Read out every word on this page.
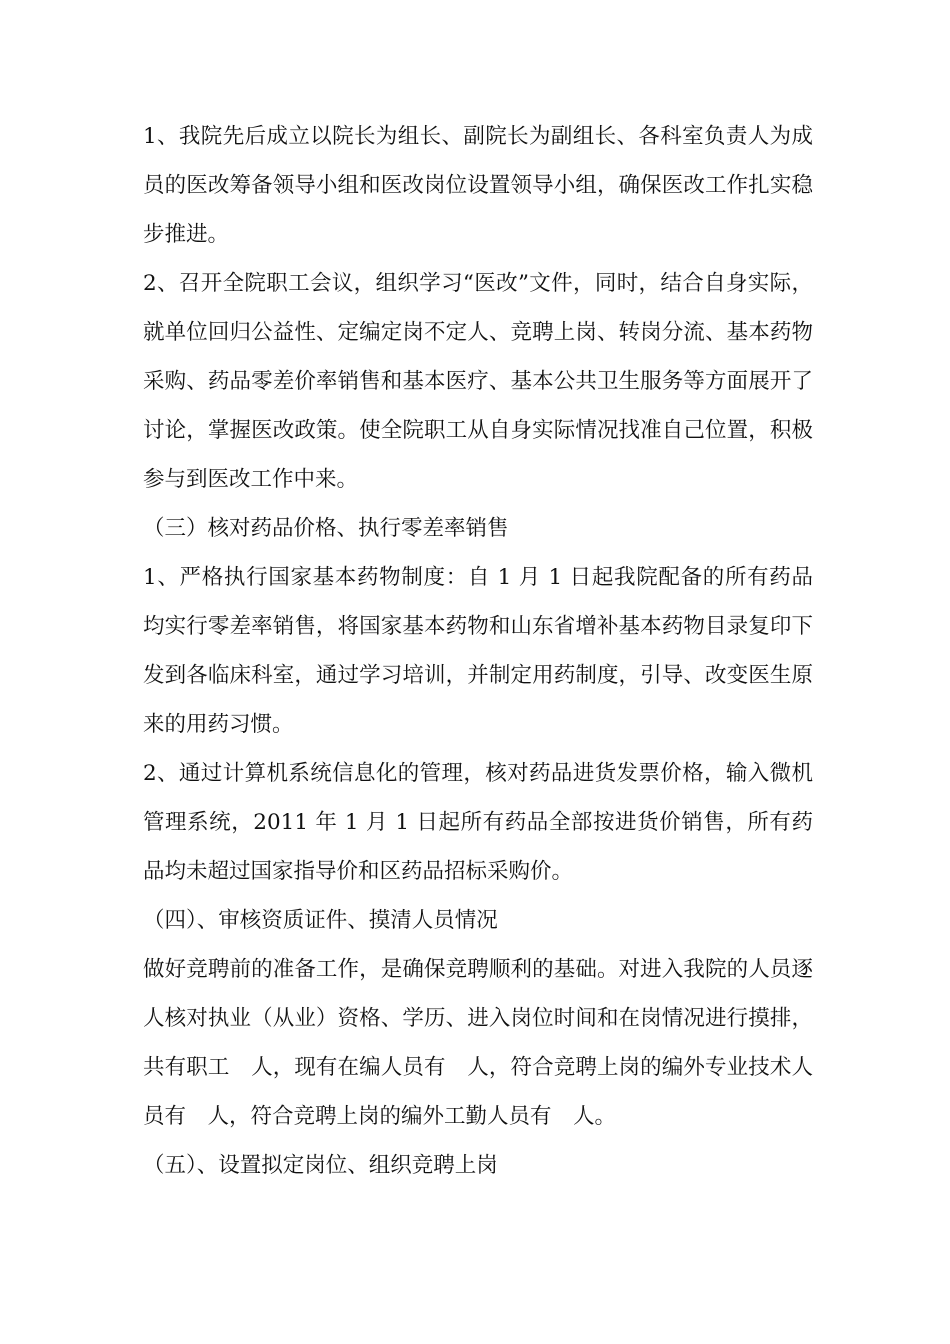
1、我院先后成立以院长为组长、副院长为副组长、各科室负责人为成员的医改筹备领导小组和医改岗位设置领导小组，确保医改工作扎实稳步推进。

2、召开全院职工会议，组织学习“医改”文件，同时，结合自身实际，就单位回归公益性、定编定岗不定人、竞聘上岗、转岗分流、基本药物采购、药品零差价率销售和基本医疗、基本公共卫生服务等方面展开了讨论，掌握医改政策。使全院职工从自身实际情况找准自己位置，积极参与到医改工作中来。

（三）核对药品价格、执行零差率销售

1、严格执行国家基本药物制度：自 1 月 1 日起我院配备的所有药品均实行零差率销售，将国家基本药物和山东省增补基本药物目录复印下发到各临床科室，通过学习培训，并制定用药制度，引导、改变医生原来的用药习惯。

2、通过计算机系统信息化的管理，核对药品进货发票价格，输入微机管理系统，2011 年 1 月 1 日起所有药品全部按进货价销售，所有药品均未超过国家指导价和区药品招标采购价。

（四）、审核资质证件、摸清人员情况

做好竞聘前的准备工作，是确保竞聘顺利的基础。对进入我院的人员逐人核对执业（从业）资格、学历、进入岗位时间和在岗情况进行摸排，共有职工　人，现有在编人员有　人，符合竞聘上岗的编外专业技术人员有　人，符合竞聘上岗的编外工勤人员有　人。

（五）、设置拟定岗位、组织竞聘上岗
